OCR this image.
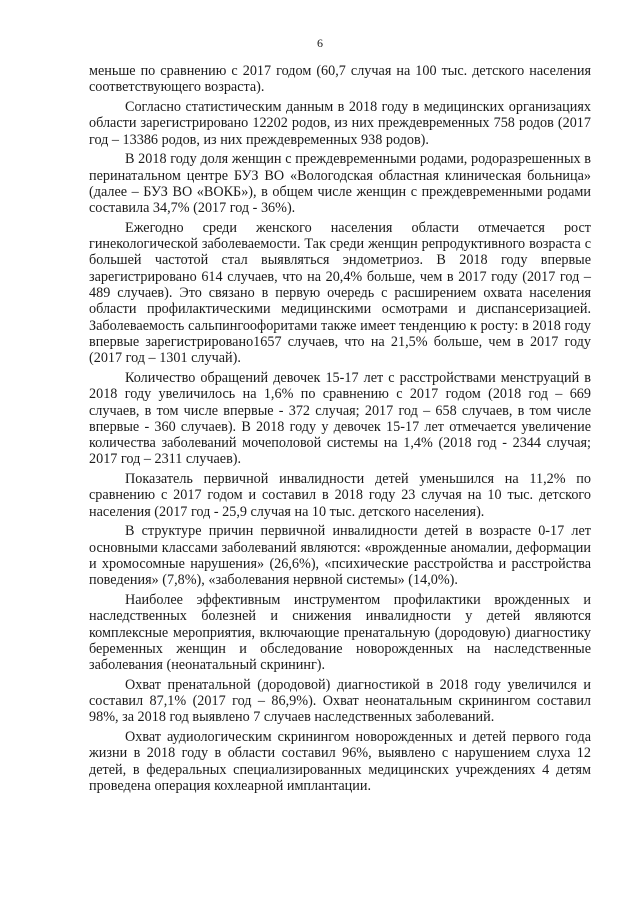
6

меньше по сравнению с 2017 годом (60,7 случая на 100 тыс. детского населения соответствующего возраста).

Согласно статистическим данным в 2018 году в медицинских организациях области зарегистрировано 12202 родов, из них преждевременных 758 родов (2017 год – 13386 родов, из них преждевременных 938 родов).

В 2018 году доля женщин с преждевременными родами, родоразрешенных в перинатальном центре БУЗ ВО «Вологодская областная клиническая больница» (далее – БУЗ ВО «ВОКБ»), в общем числе женщин с преждевременными родами составила 34,7% (2017 год - 36%).

Ежегодно среди женского населения области отмечается рост гинекологической заболеваемости. Так среди женщин репродуктивного возраста с большей частотой стал выявляться эндометриоз. В 2018 году впервые зарегистрировано 614 случаев, что на 20,4% больше, чем в 2017 году (2017 год – 489 случаев). Это связано в первую очередь с расширением охвата населения области профилактическими медицинскими осмотрами и диспансеризацией. Заболеваемость сальпингоофоритами также имеет тенденцию к росту: в 2018 году впервые зарегистрировано1657 случаев, что на 21,5% больше, чем в 2017 году (2017 год – 1301 случай).

Количество обращений девочек 15-17 лет с расстройствами менструаций в 2018 году увеличилось на 1,6% по сравнению с 2017 годом (2018 год – 669 случаев, в том числе впервые - 372 случая; 2017 год – 658 случаев, в том числе впервые - 360 случаев). В 2018 году у девочек 15-17 лет отмечается увеличение количества заболеваний мочеполовой системы на 1,4% (2018 год - 2344 случая; 2017 год – 2311 случаев).

Показатель первичной инвалидности детей уменьшился на 11,2% по сравнению с 2017 годом и составил в 2018 году 23 случая на 10 тыс. детского населения (2017 год - 25,9 случая на 10 тыс. детского населения).

В структуре причин первичной инвалидности детей в возрасте 0-17 лет основными классами заболеваний являются: «врожденные аномалии, деформации и хромосомные нарушения» (26,6%), «психические расстройства и расстройства поведения» (7,8%), «заболевания нервной системы» (14,0%).

Наиболее эффективным инструментом профилактики врожденных и наследственных болезней и снижения инвалидности у детей являются комплексные мероприятия, включающие пренатальную (дородовую) диагностику беременных женщин и обследование новорожденных на наследственные заболевания (неонатальный скрининг).

Охват пренатальной (дородовой) диагностикой в 2018 году увеличился и составил 87,1% (2017 год – 86,9%). Охват неонатальным скринингом составил 98%, за 2018 год выявлено 7 случаев наследственных заболеваний.

Охват аудиологическим скринингом новорожденных и детей первого года жизни в 2018 году в области составил 96%, выявлено с нарушением слуха 12 детей, в федеральных специализированных медицинских учреждениях 4 детям проведена операция кохлеарной имплантации.
